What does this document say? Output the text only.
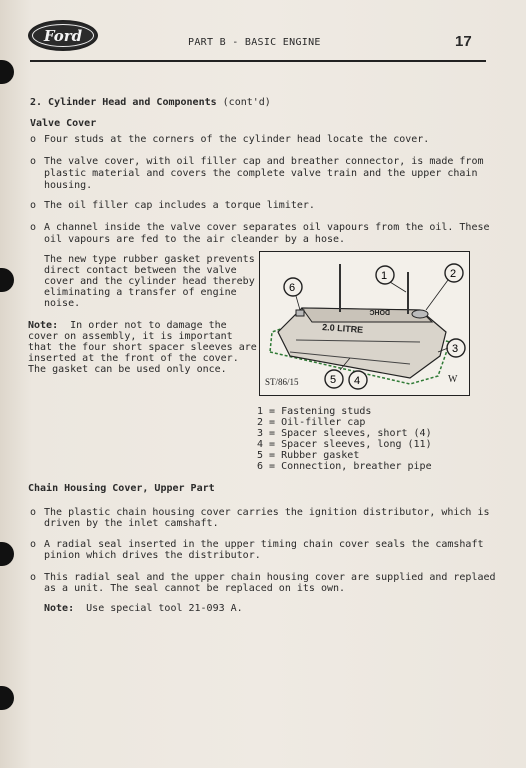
Ford	PART B - BASIC ENGINE	17
2. Cylinder Head and Components (cont'd)
Valve Cover
o Four studs at the corners of the cylinder head locate the cover.
o The valve cover, with oil filler cap and breather connector, is made from
plastic material and covers the complete valve train and the upper chain
housing.
o The oil filler cap includes a torque limiter.
o A channel inside the valve cover separates oil vapours from the oil. These
oil vapours are fed to the air cleander by a hose.
The new type rubber gasket prevents
direct contact between the valve
cover and the cylinder head thereby
eliminating a transfer of engine
noise.
Note:  In order not to damage the
cover on assembly, it is important
that the four short spacer sleeves are
inserted at the front of the cover.
The gasket can be used only once.
2.0 LITRE
DOHC
1	2
3
4
5
6
ST/86/15	W
1 = Fastening studs
2 = Oil-filler cap
3 = Spacer sleeves, short (4)
4 = Spacer sleeves, long (11)
5 = Rubber gasket
6 = Connection, breather pipe
Chain Housing Cover, Upper Part
o The plastic chain housing cover carries the ignition distributor, which is
driven by the inlet camshaft.
o A radial seal inserted in the upper timing chain cover seals the camshaft
pinion which drives the distributor.
o This radial seal and the upper chain housing cover are supplied and replaed
as a unit. The seal cannot be replaced on its own.
Note:  Use special tool 21-093 A.
